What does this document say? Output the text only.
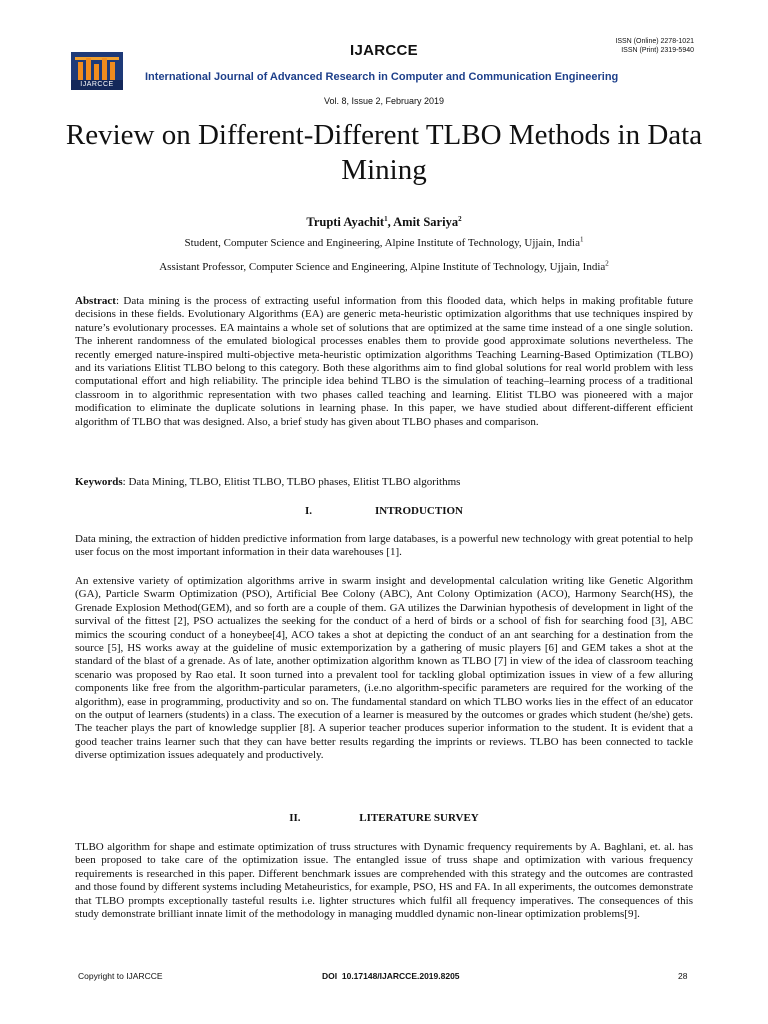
IJARCCE
IJARCCE
ISSN (Online) 2278-1021
ISSN (Print) 2319-5940
International Journal of Advanced Research in Computer and Communication Engineering
Vol. 8, Issue 2, February 2019
Review on Different-Different TLBO Methods in Data Mining
Trupti Ayachit$^1$, Amit Sariya$^2$
Student, Computer Science and Engineering, Alpine Institute of Technology, Ujjain, India$^1$
Assistant Professor, Computer Science and Engineering, Alpine Institute of Technology, Ujjain, India$^2$

Abstract: Data mining is the process of extracting useful information from this flooded data, which helps in making profitable future decisions in these fields. Evolutionary Algorithms (EA) are generic meta-heuristic optimization algorithms that use techniques inspired by nature’s evolutionary processes. EA maintains a whole set of solutions that are optimized at the same time instead of a one single solution. The inherent randomness of the emulated biological processes enables them to provide good approximate solutions nevertheless. The recently emerged nature-inspired multi-objective meta-heuristic optimization algorithms Teaching Learning-Based Optimization (TLBO) and its variations Elitist TLBO belong to this category. Both these algorithms aim to find global solutions for real world problem with less computational effort and high reliability. The principle idea behind TLBO is the simulation of teaching–learning process of a traditional classroom in to algorithmic representation with two phases called teaching and learning. Elitist TLBO was pioneered with a major modification to eliminate the duplicate solutions in learning phase. In this paper, we have studied about different-different efficient algorithm of TLBO that was designed. Also, a brief study has given about TLBO phases and comparison.

Keywords: Data Mining, TLBO, Elitist TLBO, TLBO phases, Elitist TLBO algorithms

I.	INTRODUCTION

Data mining, the extraction of hidden predictive information from large databases, is a powerful new technology with great potential to help user focus on the most important information in their data warehouses [1].

An extensive variety of optimization algorithms arrive in swarm insight and developmental calculation writing like Genetic Algorithm (GA), Particle Swarm Optimization (PSO), Artificial Bee Colony (ABC), Ant Colony Optimization (ACO), Harmony Search(HS), the Grenade Explosion Method(GEM), and so forth are a couple of them. GA utilizes the Darwinian hypothesis of development in light of the survival of the fittest [2], PSO actualizes the seeking for the conduct of a herd of birds or a school of fish for searching food [3], ABC mimics the scouring conduct of a honeybee[4], ACO takes a shot at depicting the conduct of an ant searching for a destination from the source [5], HS works away at the guideline of music extemporization by a gathering of music players [6] and GEM takes a shot at the standard of the blast of a grenade. As of late, another optimization algorithm known as TLBO [7] in view of the idea of classroom teaching scenario was proposed by Rao etal. It soon turned into a prevalent tool for tackling global optimization issues in view of a few alluring components like free from the algorithm-particular parameters, (i.e.no algorithm-specific parameters are required for the working of the algorithm), ease in programming, productivity and so on. The fundamental standard on which TLBO works lies in the effect of an educator on the output of learners (students) in a class. The execution of a learner is measured by the outcomes or grades which student (he/she) gets. The teacher plays the part of knowledge supplier [8]. A superior teacher produces superior information to the student. It is evident that a good teacher trains learner such that they can have better results regarding the imprints or reviews. TLBO has been connected to tackle diverse optimization issues adequately and productively.

II.	LITERATURE SURVEY

TLBO algorithm for shape and estimate optimization of truss structures with Dynamic frequency requirements by A. Baghlani, et. al. has been proposed to take care of the optimization issue. The entangled issue of truss shape and optimization with various frequency requirements is researched in this paper. Different benchmark issues are comprehended with this strategy and the outcomes are contrasted and those found by different systems including Metaheuristics, for example, PSO, HS and FA. In all experiments, the outcomes demonstrate that TLBO prompts exceptionally tasteful results i.e. lighter structures which fulfil all frequency imperatives. The consequences of this study demonstrate brilliant innate limit of the methodology in managing muddled dynamic non-linear optimization problems[9].

Copyright to IJARCCE	DOI 10.17148/IJARCCE.2019.8205	28
